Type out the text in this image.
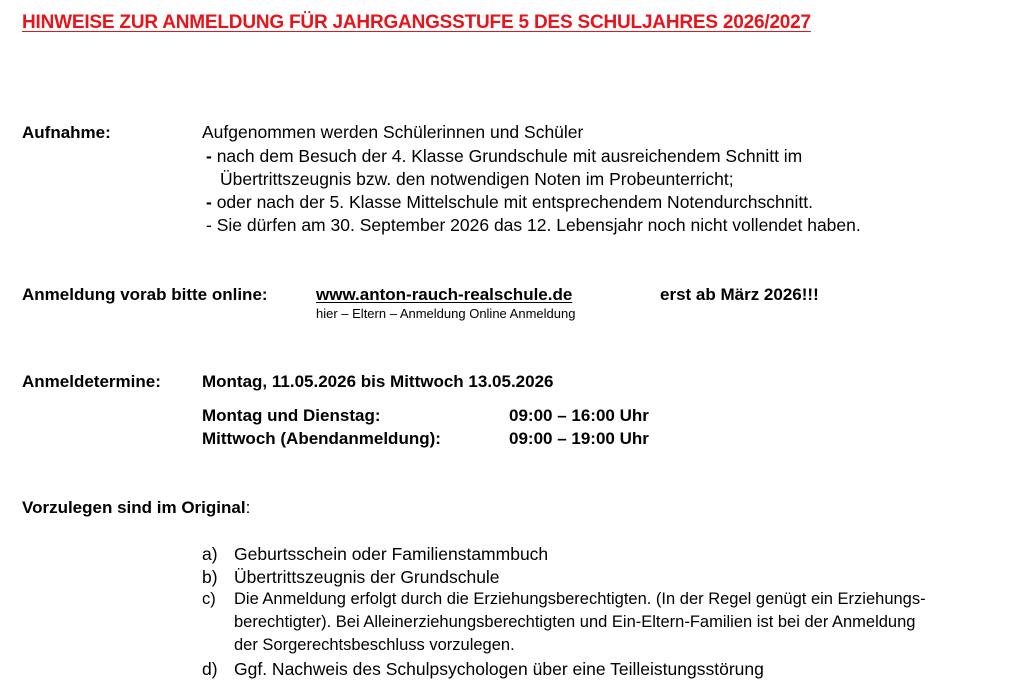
HINWEISE ZUR ANMELDUNG FÜR JAHRGANGSSTUFE 5 DES SCHULJAHRES 2026/2027
Aufnahme:	Aufgenommen werden Schülerinnen und Schüler
- nach dem Besuch der 4. Klasse Grundschule mit ausreichendem Schnitt im
Übertrittszeugnis bzw. den notwendigen Noten im Probeunterricht;
- oder nach der 5. Klasse Mittelschule mit entsprechendem Notendurchschnitt.
- Sie dürfen am 30. September 2026 das 12. Lebensjahr noch nicht vollendet haben.
Anmeldung vorab bitte online:	www.anton-rauch-realschule.de	erst ab März 2026!!!
hier – Eltern – Anmeldung Online Anmeldung
Anmeldetermine: Montag, 11.05.2026 bis Mittwoch 13.05.2026
Montag und Dienstag:	09:00 – 16:00 Uhr
Mittwoch (Abendanmeldung):	09:00 – 19:00 Uhr
Vorzulegen sind im Original:
a) Geburtsschein oder Familienstammbuch
b) Übertrittszeugnis der Grundschule
c) Die Anmeldung erfolgt durch die Erziehungsberechtigten. (In der Regel genügt ein Erziehungs-
berechtigter). Bei Alleinerziehungsberechtigten und Ein-Eltern-Familien ist bei der Anmeldung
der Sorgerechtsbeschluss vorzulegen.
d) Ggf. Nachweis des Schulpsychologen über eine Teilleistungsstörung
